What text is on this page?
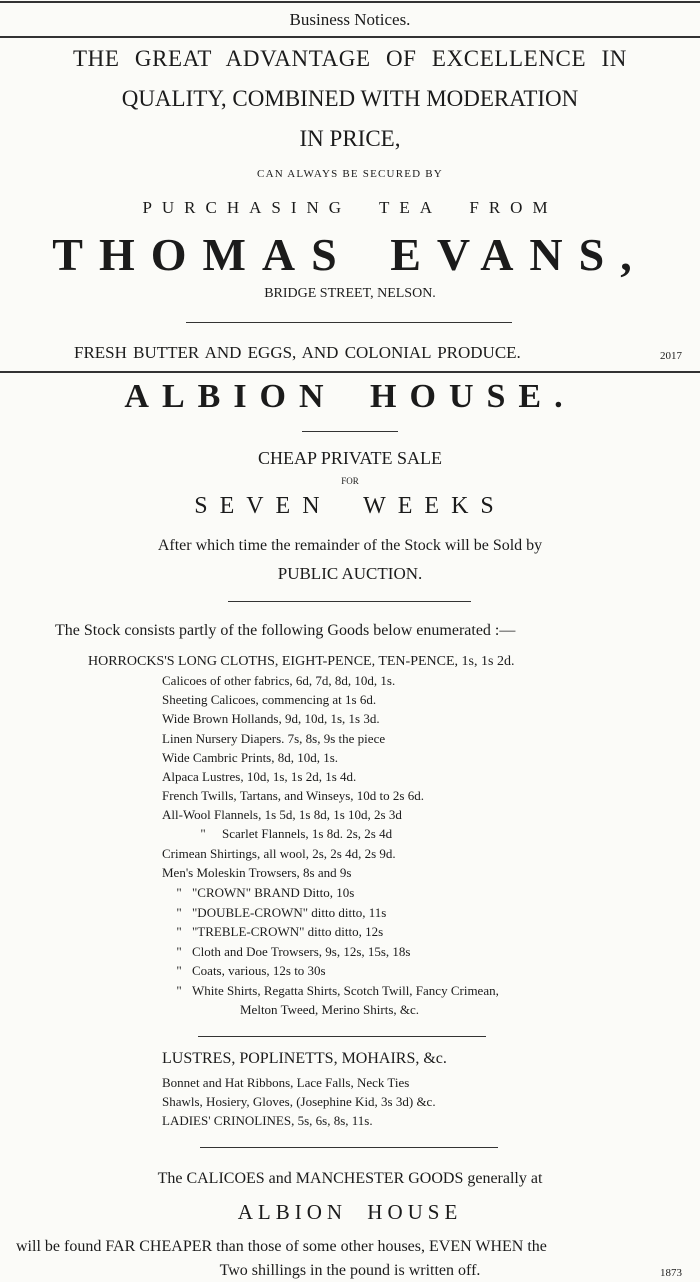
Business Notices.
THE GREAT ADVANTAGE OF EXCELLENCE IN
QUALITY, COMBINED WITH MODERATION
IN PRICE,
CAN ALWAYS BE SECURED BY
PURCHASING TEA FROM
THOMAS EVANS,
BRIDGE STREET, NELSON.
FRESH BUTTER AND EGGS, AND COLONIAL PRODUCE.	2017
ALBION HOUSE.
CHEAP PRIVATE SALE
FOR
SEVEN WEEKS
After which time the remainder of the Stock will be Sold by
PUBLIC AUCTION.
The Stock consists partly of the following Goods below enumerated :—
HORROCKS'S LONG CLOTHS, EIGHT-PENCE, TEN-PENCE, 1s, 1s 2d.
Calicoes of other fabrics, 6d, 7d, 8d, 10d, 1s.
Sheeting Calicoes, commencing at 1s 6d.
Wide Brown Hollands, 9d, 10d, 1s, 1s 3d.
Linen Nursery Diapers. 7s, 8s, 9s the piece
Wide Cambric Prints, 8d, 10d, 1s.
Alpaca Lustres, 10d, 1s, 1s 2d, 1s 4d.
French Twills, Tartans, and Winseys, 10d to 2s 6d.
All-Wool Flannels, 1s 5d, 1s 8d, 1s 10d, 2s 3d
" Scarlet Flannels, 1s 8d. 2s, 2s 4d
Crimean Shirtings, all wool, 2s, 2s 4d, 2s 9d.
Men's Moleskin Trowsers, 8s and 9s
" "CROWN" BRAND Ditto, 10s
" "DOUBLE-CROWN" ditto ditto, 11s
" "TREBLE-CROWN" ditto ditto, 12s
" Cloth and Doe Trowsers, 9s, 12s, 15s, 18s
" Coats, various, 12s to 30s
" White Shirts, Regatta Shirts, Scotch Twill, Fancy Crimean,
Melton Tweed, Merino Shirts, &c.
LUSTRES, POPLINETTS, MOHAIRS, &c.
Bonnet and Hat Ribbons, Lace Falls, Neck Ties
Shawls, Hosiery, Gloves, (Josephine Kid, 3s 3d) &c.
LADIES' CRINOLINES, 5s, 6s, 8s, 11s.
The CALICOES and MANCHESTER GOODS generally at
ALBION HOUSE
will be found FAR CHEAPER than those of some other houses, EVEN WHEN the
Two shillings in the pound is written off.	1873
